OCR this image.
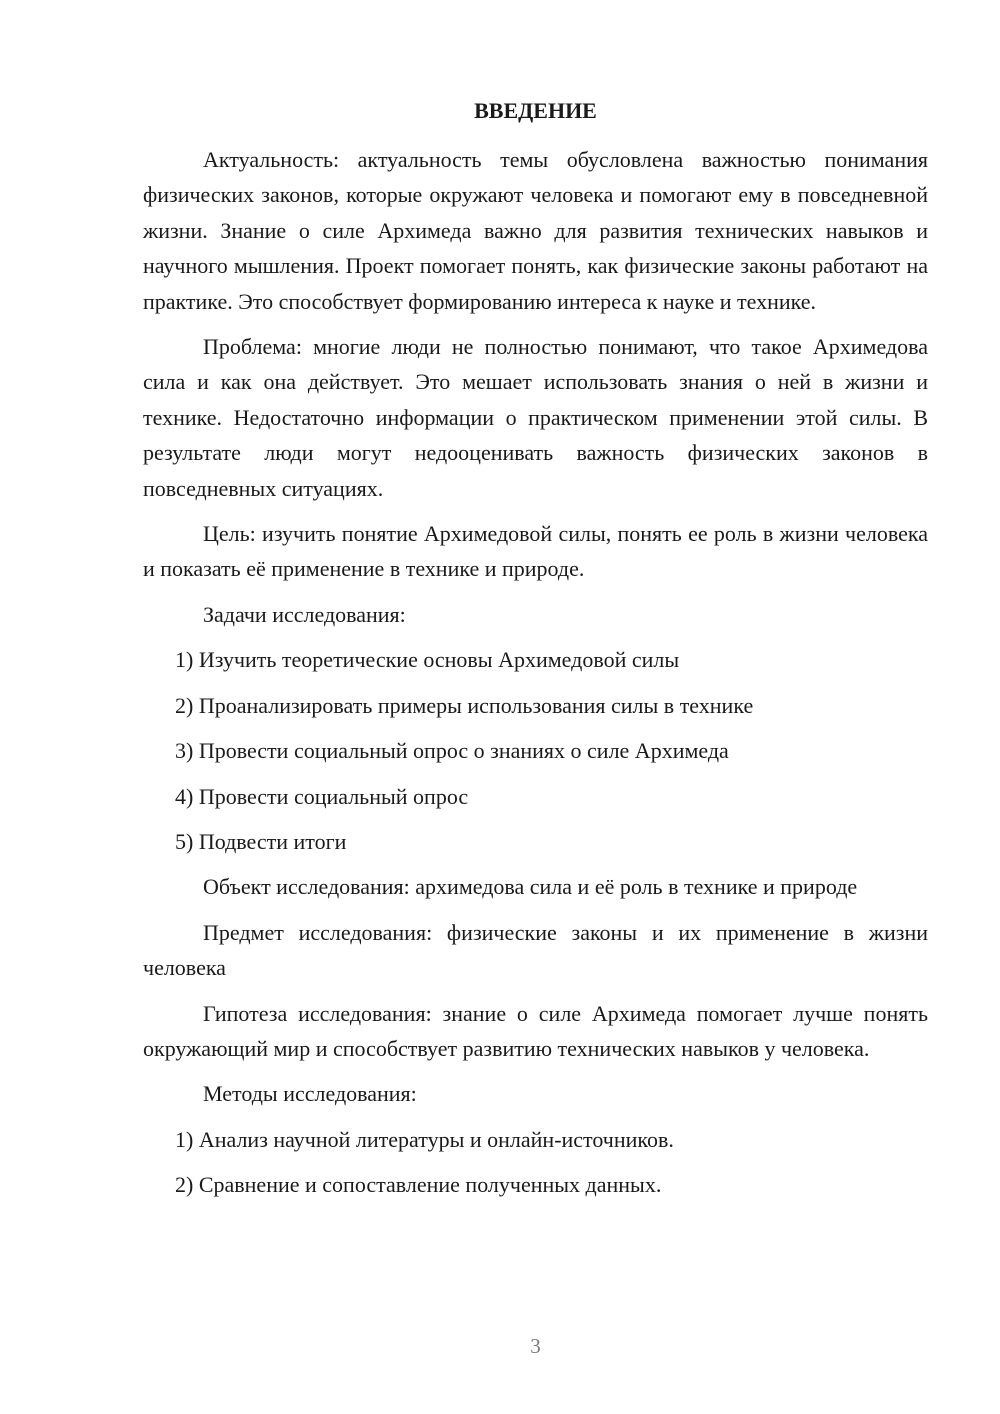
ВВЕДЕНИЕ

Актуальность: актуальность темы обусловлена важностью понимания физических законов, которые окружают человека и помогают ему в повседневной жизни. Знание о силе Архимеда важно для развития технических навыков и научного мышления. Проект помогает понять, как физические законы работают на практике. Это способствует формированию интереса к науке и технике.

Проблема: многие люди не полностью понимают, что такое Архимедова сила и как она действует. Это мешает использовать знания о ней в жизни и технике. Недостаточно информации о практическом применении этой силы. В результате люди могут недооценивать важность физических законов в повседневных ситуациях.

Цель: изучить понятие Архимедовой силы, понять ее роль в жизни человека и показать её применение в технике и природе.

Задачи исследования:

1) Изучить теоретические основы Архимедовой силы

2) Проанализировать примеры использования силы в технике

3) Провести социальный опрос о знаниях о силе Архимеда

4) Провести социальный опрос

5) Подвести итоги

Объект исследования: архимедова сила и её роль в технике и природе

Предмет исследования: физические законы и их применение в жизни человека

Гипотеза исследования: знание о силе Архимеда помогает лучше понять окружающий мир и способствует развитию технических навыков у человека.

Методы исследования:

1) Анализ научной литературы и онлайн-источников.

2) Сравнение и сопоставление полученных данных.

3
